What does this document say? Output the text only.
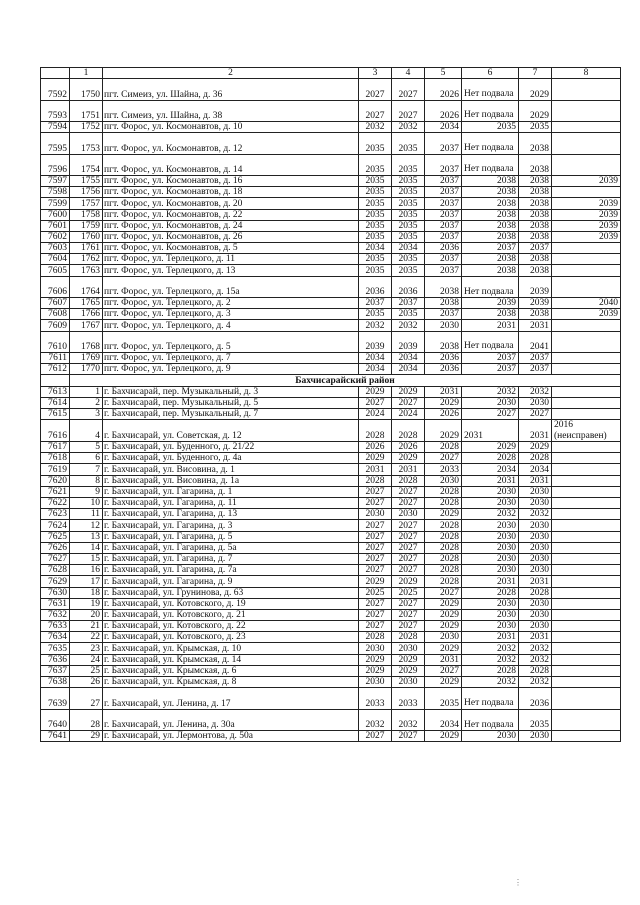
	1	2	3	4	5	6	7	8
7592	1750	пгт. Симеиз, ул. Шайна, д. 36	2027	2027	2026	Нет подвала	2029	
7593	1751	пгт. Симеиз, ул. Шайна, д. 38	2027	2027	2026	Нет подвала	2029	
7594	1752	пгт. Форос, ул. Космонавтов, д. 10	2032	2032	2034	2035	2035	
7595	1753	пгт. Форос, ул. Космонавтов, д. 12	2035	2035	2037	Нет подвала	2038	
7596	1754	пгт. Форос, ул. Космонавтов, д. 14	2035	2035	2037	Нет подвала	2038	
7597	1755	пгт. Форос, ул. Космонавтов, д. 16	2035	2035	2037	2038	2038	2039
7598	1756	пгт. Форос, ул. Космонавтов, д. 18	2035	2035	2037	2038	2038	
7599	1757	пгт. Форос, ул. Космонавтов, д. 20	2035	2035	2037	2038	2038	2039
7600	1758	пгт. Форос, ул. Космонавтов, д. 22	2035	2035	2037	2038	2038	2039
7601	1759	пгт. Форос, ул. Космонавтов, д. 24	2035	2035	2037	2038	2038	2039
7602	1760	пгт. Форос, ул. Космонавтов, д. 26	2035	2035	2037	2038	2038	2039
7603	1761	пгт. Форос, ул. Космонавтов, д. 5	2034	2034	2036	2037	2037	
7604	1762	пгт. Форос, ул. Терлецкого, д. 11	2035	2035	2037	2038	2038	
7605	1763	пгт. Форос, ул. Терлецкого, д. 13	2035	2035	2037	2038	2038	
7606	1764	пгт. Форос, ул. Терлецкого, д. 15а	2036	2036	2038	Нет подвала	2039	
7607	1765	пгт. Форос, ул. Терлецкого, д. 2	2037	2037	2038	2039	2039	2040
7608	1766	пгт. Форос, ул. Терлецкого, д. 3	2035	2035	2037	2038	2038	2039
7609	1767	пгт. Форос, ул. Терлецкого, д. 4	2032	2032	2030	2031	2031	
7610	1768	пгт. Форос, ул. Терлецкого, д. 5	2039	2039	2038	Нет подвала	2041	
7611	1769	пгт. Форос, ул. Терлецкого, д. 7	2034	2034	2036	2037	2037	
7612	1770	пгт. Форос, ул. Терлецкого, д. 9	2034	2034	2036	2037	2037	
	Бахчисарайский район							
7613	1	г. Бахчисарай, пер. Музыкальный, д. 3	2029	2029	2031	2032	2032	
7614	2	г. Бахчисарай, пер. Музыкальный, д. 5	2027	2027	2029	2030	2030	
7615	3	г. Бахчисарай, пер. Музыкальный, д. 7	2024	2024	2026	2027	2027	
7616	4	г. Бахчисарай, ул. Советская, д. 12	2028	2028	2029	2031	2031	2016 (неисправен)
7617	5	г. Бахчисарай, ул. Буденного, д. 21/22	2026	2026	2028	2029	2029	
7618	6	г. Бахчисарай, ул. Буденного, д. 4а	2029	2029	2027	2028	2028	
7619	7	г. Бахчисарай, ул. Висовина, д. 1	2031	2031	2033	2034	2034	
7620	8	г. Бахчисарай, ул. Висовина, д. 1а	2028	2028	2030	2031	2031	
7621	9	г. Бахчисарай, ул. Гагарина, д. 1	2027	2027	2028	2030	2030	
7622	10	г. Бахчисарай, ул. Гагарина, д. 11	2027	2027	2028	2030	2030	
7623	11	г. Бахчисарай, ул. Гагарина, д. 13	2030	2030	2029	2032	2032	
7624	12	г. Бахчисарай, ул. Гагарина, д. 3	2027	2027	2028	2030	2030	
7625	13	г. Бахчисарай, ул. Гагарина, д. 5	2027	2027	2028	2030	2030	
7626	14	г. Бахчисарай, ул. Гагарина, д. 5а	2027	2027	2028	2030	2030	
7627	15	г. Бахчисарай, ул. Гагарина, д. 7	2027	2027	2028	2030	2030	
7628	16	г. Бахчисарай, ул. Гагарина, д. 7а	2027	2027	2028	2030	2030	
7629	17	г. Бахчисарай, ул. Гагарина, д. 9	2029	2029	2028	2031	2031	
7630	18	г. Бахчисарай, ул. Грунинова, д. 63	2025	2025	2027	2028	2028	
7631	19	г. Бахчисарай, ул. Котовского, д. 19	2027	2027	2029	2030	2030	
7632	20	г. Бахчисарай, ул. Котовского, д. 21	2027	2027	2029	2030	2030	
7633	21	г. Бахчисарай, ул. Котовского, д. 22	2027	2027	2029	2030	2030	
7634	22	г. Бахчисарай, ул. Котовского, д. 23	2028	2028	2030	2031	2031	
7635	23	г. Бахчисарай, ул. Крымская, д. 10	2030	2030	2029	2032	2032	
7636	24	г. Бахчисарай, ул. Крымская, д. 14	2029	2029	2031	2032	2032	
7637	25	г. Бахчисарай, ул. Крымская, д. 6	2029	2029	2027	2028	2028	
7638	26	г. Бахчисарай, ул. Крымская, д. 8	2030	2030	2029	2032	2032	
7639	27	г. Бахчисарай, ул. Ленина, д. 17	2033	2033	2035	Нет подвала	2036	
7640	28	г. Бахчисарай, ул. Ленина, д. 30а	2032	2032	2034	Нет подвала	2035	
7641	29	г. Бахчисарай, ул. Лермонтова, д. 50а	2027	2027	2029	2030	2030	
⋮
